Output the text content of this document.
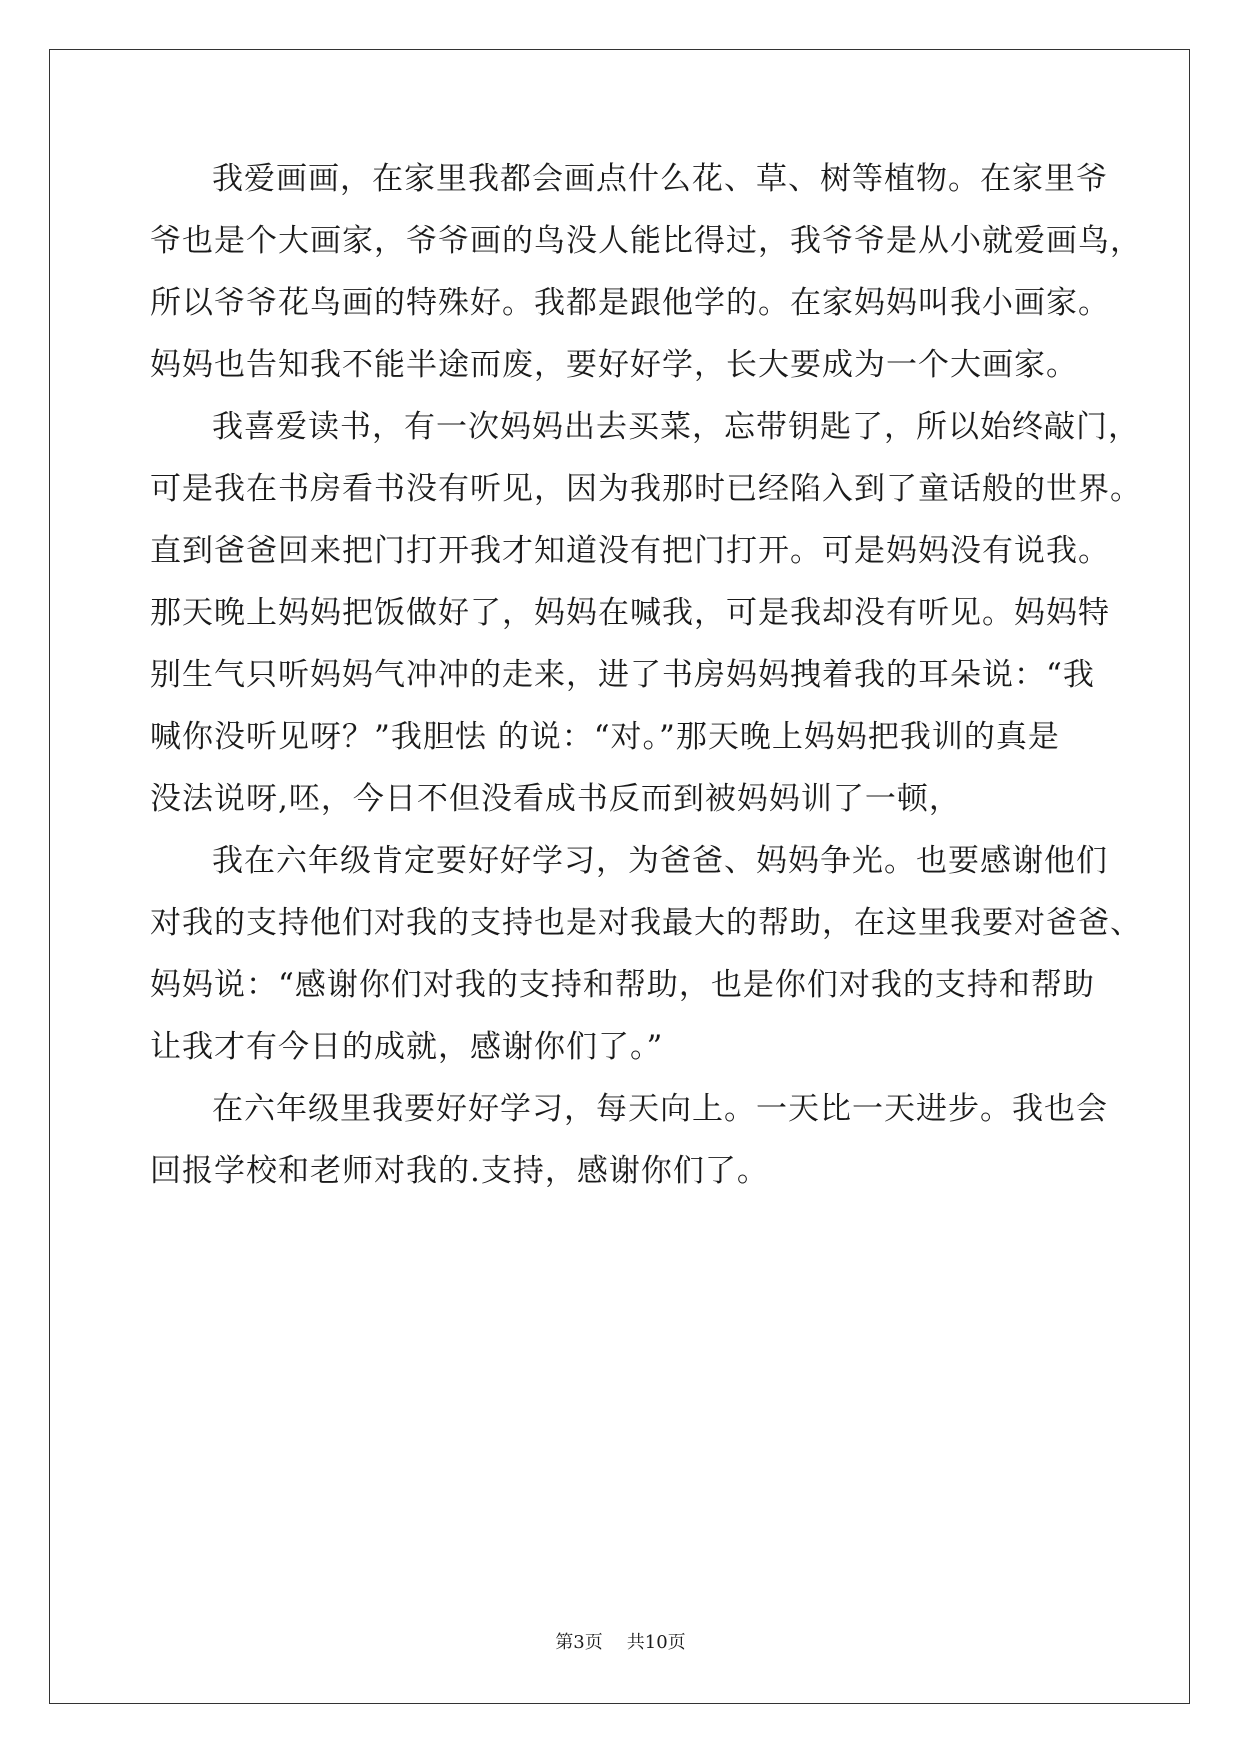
我爱画画，在家里我都会画点什么花、草、树等植物。在家里爷
爷也是个大画家，爷爷画的鸟没人能比得过，我爷爷是从小就爱画鸟，
所以爷爷花鸟画的特殊好。我都是跟他学的。在家妈妈叫我小画家。
妈妈也告知我不能半途而废，要好好学，长大要成为一个大画家。
我喜爱读书，有一次妈妈出去买菜，忘带钥匙了，所以始终敲门，
可是我在书房看书没有听见，因为我那时已经陷入到了童话般的世界。
直到爸爸回来把门打开我才知道没有把门打开。可是妈妈没有说我。
那天晚上妈妈把饭做好了，妈妈在喊我，可是我却没有听见。妈妈特
别生气只听妈妈气冲冲的走来，进了书房妈妈拽着我的耳朵说：“我
喊你没听见呀？”我胆怯 的说：“对。”那天晚上妈妈把我训的真是
没法说呀,呸，今日不但没看成书反而到被妈妈训了一顿，
我在六年级肯定要好好学习，为爸爸、妈妈争光。也要感谢他们
对我的支持他们对我的支持也是对我最大的帮助，在这里我要对爸爸、
妈妈说：“感谢你们对我的支持和帮助，也是你们对我的支持和帮助
让我才有今日的成就，感谢你们了。”
在六年级里我要好好学习，每天向上。一天比一天进步。我也会
回报学校和老师对我的.支持，感谢你们了。
第3页 共10页
